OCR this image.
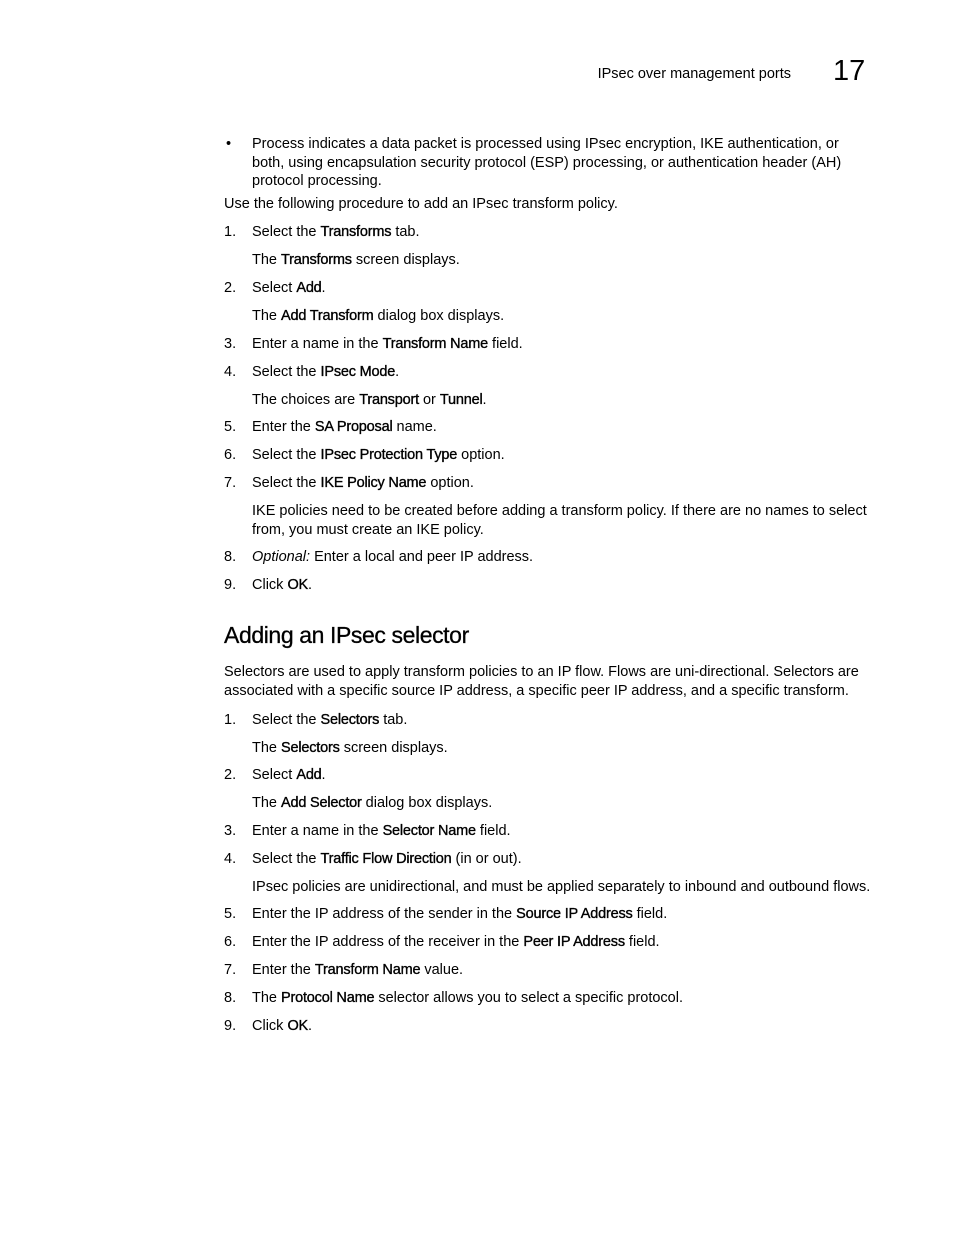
IPsec over management ports 17
• Process indicates a data packet is processed using IPsec encryption, IKE authentication, or both, using encapsulation security protocol (ESP) processing, or authentication header (AH) protocol processing.

Use the following procedure to add an IPsec transform policy.

1. Select the Transforms tab.
The Transforms screen displays.
2. Select Add.
The Add Transform dialog box displays.
3. Enter a name in the Transform Name field.
4. Select the IPsec Mode.
The choices are Transport or Tunnel.
5. Enter the SA Proposal name.
6. Select the IPsec Protection Type option.
7. Select the IKE Policy Name option.
IKE policies need to be created before adding a transform policy. If there are no names to select from, you must create an IKE policy.
8. Optional: Enter a local and peer IP address.
9. Click OK.
Adding an IPsec selector

Selectors are used to apply transform policies to an IP flow. Flows are uni-directional. Selectors are associated with a specific source IP address, a specific peer IP address, and a specific transform.

1. Select the Selectors tab.
The Selectors screen displays.
2. Select Add.
The Add Selector dialog box displays.
3. Enter a name in the Selector Name field.
4. Select the Traffic Flow Direction (in or out).
IPsec policies are unidirectional, and must be applied separately to inbound and outbound flows.
5. Enter the IP address of the sender in the Source IP Address field.
6. Enter the IP address of the receiver in the Peer IP Address field.
7. Enter the Transform Name value.
8. The Protocol Name selector allows you to select a specific protocol.
9. Click OK.
